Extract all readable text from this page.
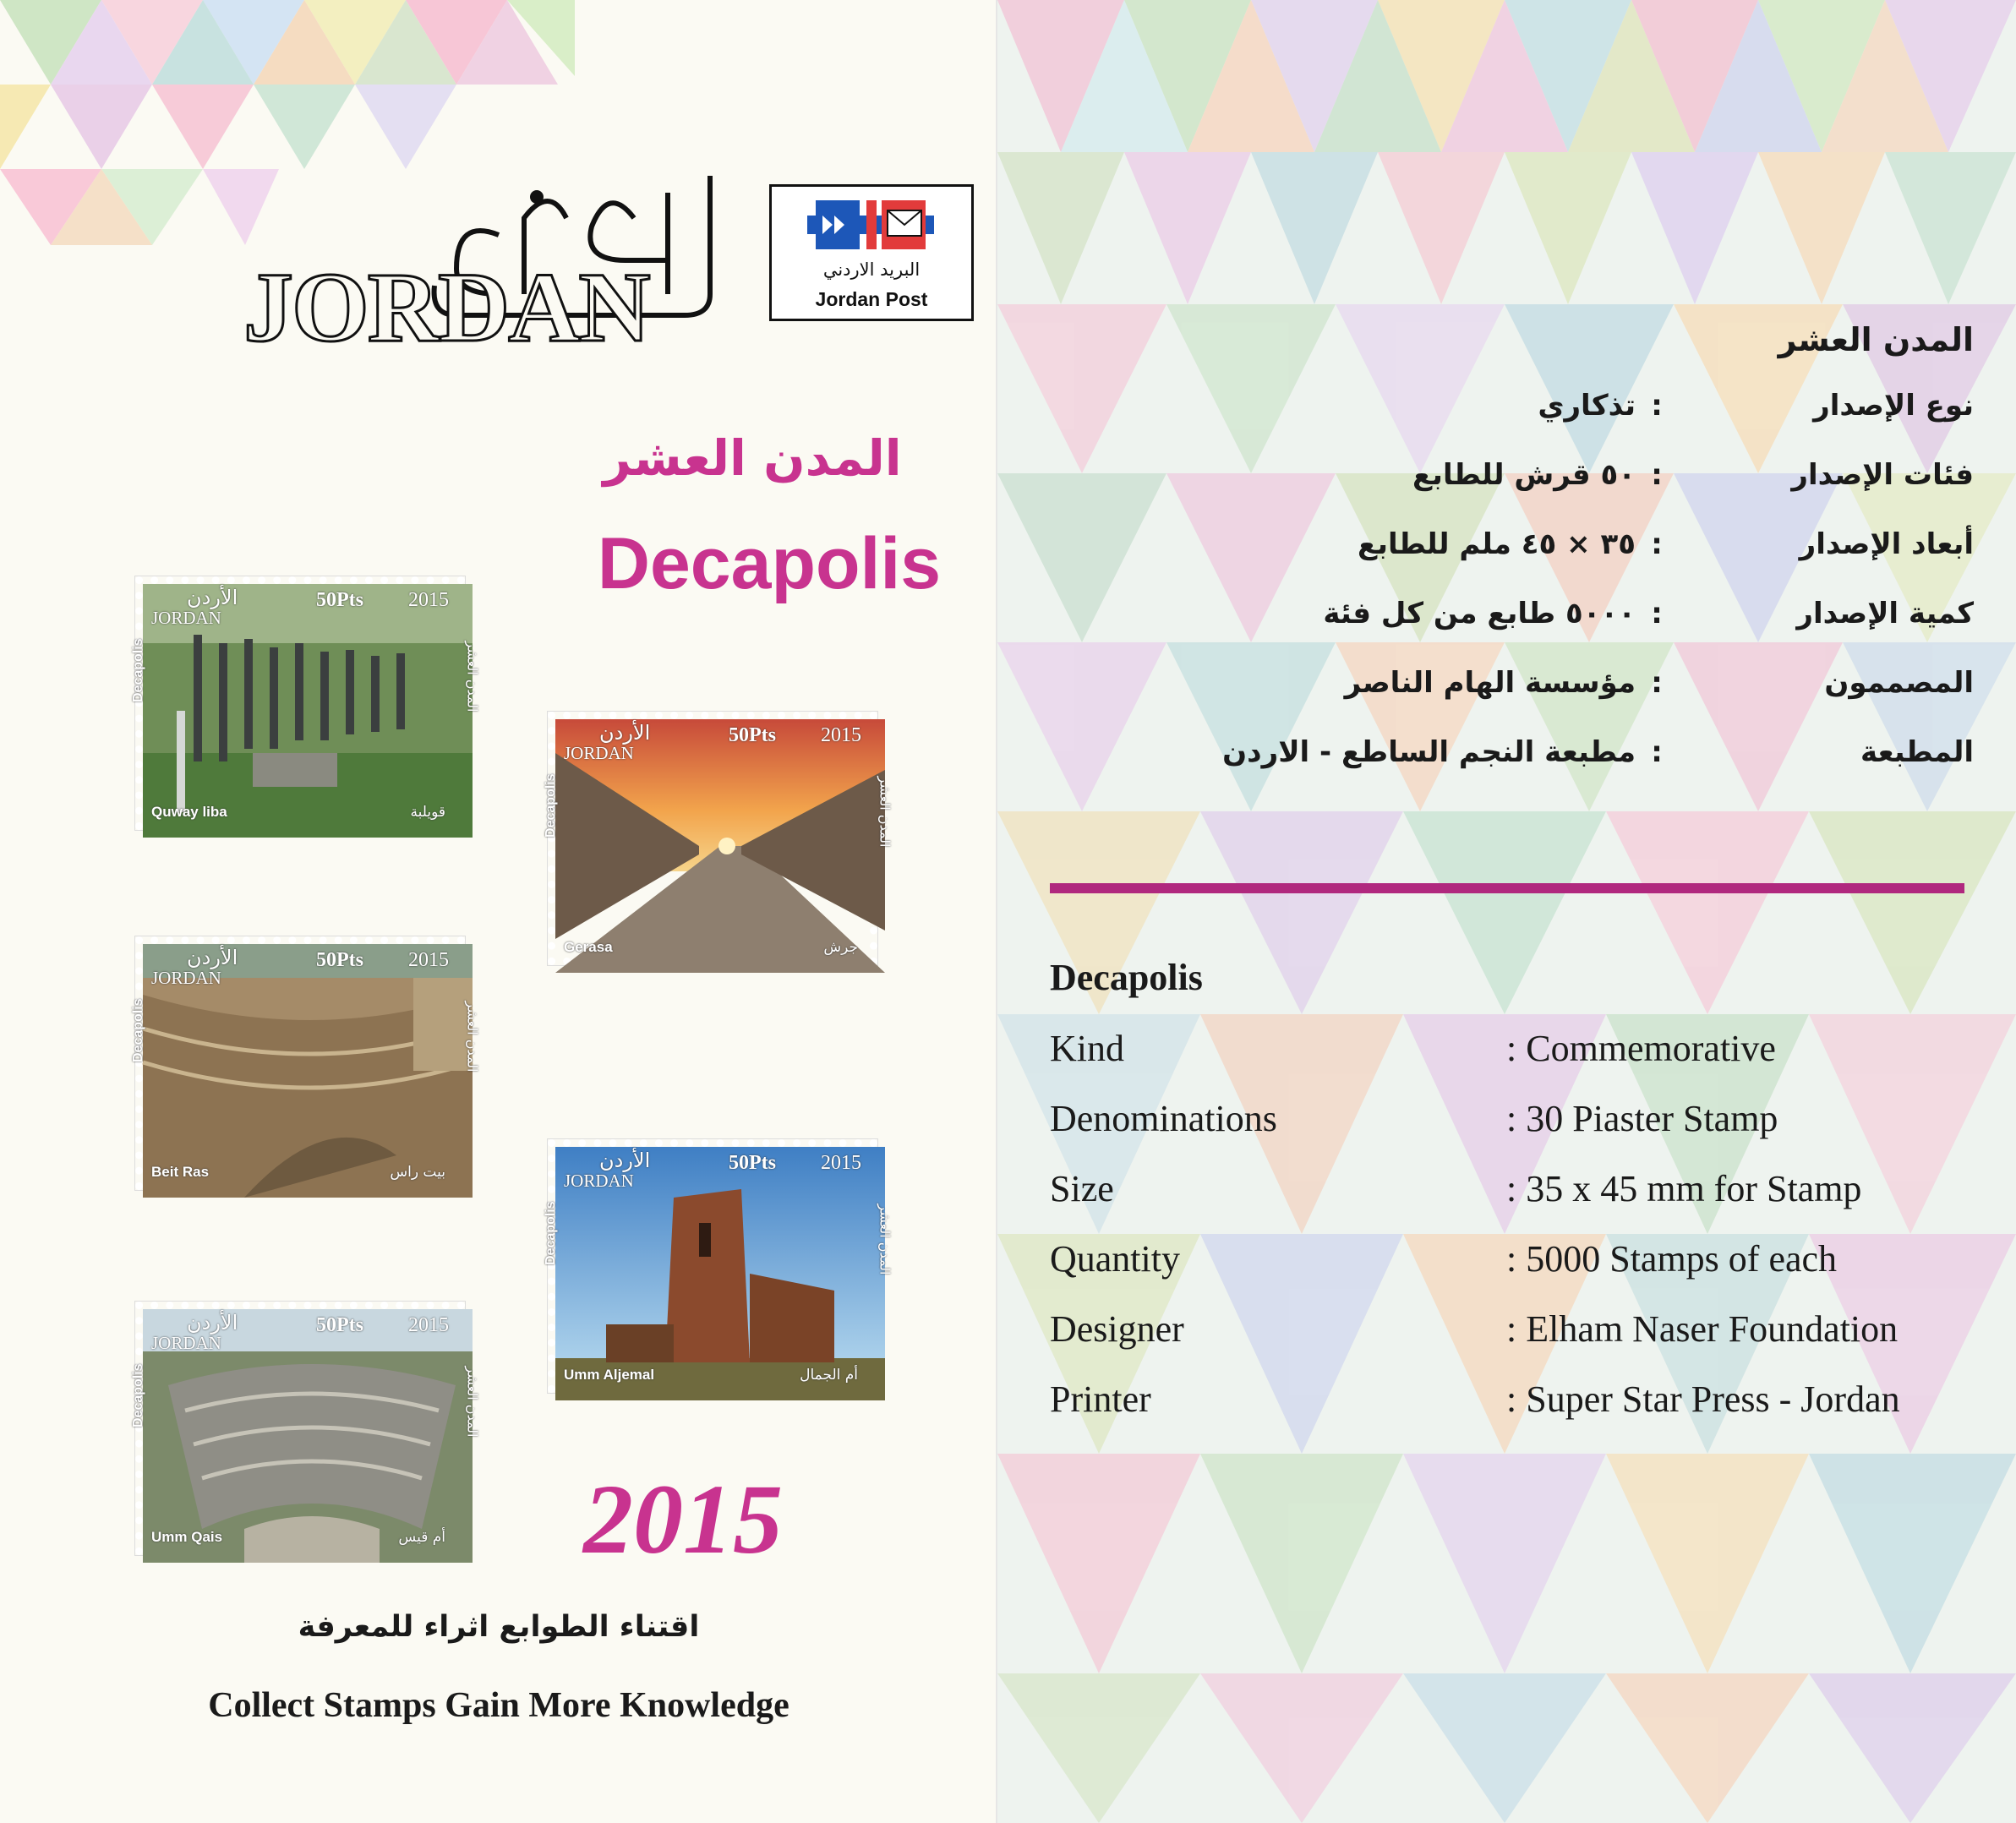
JORDAN	البريد الاردني
Jordan Post
المدن العشر
Decapolis
الأردن
JORDAN
50Pts 2015
Decapolis	المدن العشر
Quway liba	قويلبة
الأردن
JORDAN
50Pts 2015
Decapolis	المدن العشر
Gerasa	جرش
الأردن
JORDAN
50Pts 2015
Decapolis	المدن العشر
Beit Ras	بيت راس	الأردن
JORDAN
50Pts 2015
Decapolis	المدن العشر
Umm Aljemal	أم الجمال
الأردن
JORDAN
50Pts 2015
Decapolis	المدن العشر
Umm Qais	أم قيس 2015

اقتناء الطوابع اثراء للمعرفة

Collect Stamps Gain More Knowledge

المدن العشر
نوع الإصدار:تذكاري
فئات الإصدار:٥٠ قرش للطابع
أبعاد الإصدار:٣٥ × ٤٥ ملم للطابع
كمية الإصدار:٥٠٠٠ طابع من كل فئة
المصممون:مؤسسة الهام الناصر
المطبعة:مطبعة النجم الساطع - الاردن
Decapolis
Kind	: Commemorative
Denominations	: 30 Piaster Stamp
Size	: 35 x 45 mm for Stamp
Quantity	: 5000 Stamps of each
Designer	: Elham Naser Foundation
Printer	: Super Star Press - Jordan
